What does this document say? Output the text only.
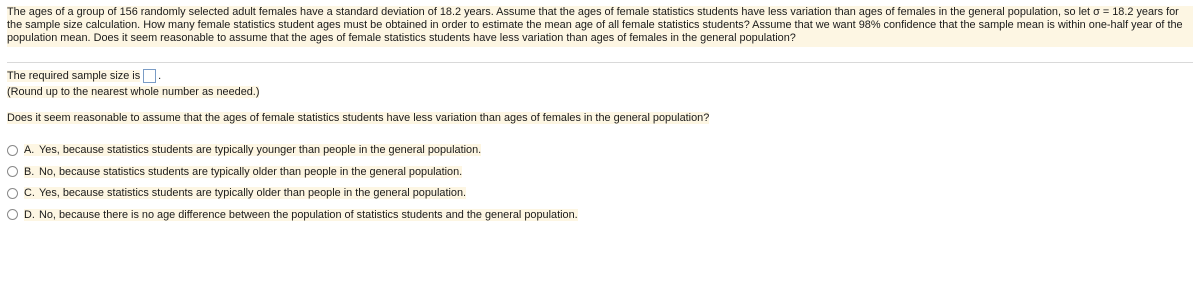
The ages of a group of 156 randomly selected adult females have a standard deviation of 18.2 years. Assume that the ages of female statistics students have less variation than ages of females in the general population, so let σ = 18.2 years for the sample size calculation. How many female statistics student ages must be obtained in order to estimate the mean age of all female statistics students? Assume that we want 98% confidence that the sample mean is within one-half year of the population mean. Does it seem reasonable to assume that the ages of female statistics students have less variation than ages of females in the general population?
The required sample size is .
(Round up to the nearest whole number as needed.)
Does it seem reasonable to assume that the ages of female statistics students have less variation than ages of females in the general population?
A. Yes, because statistics students are typically younger than people in the general population.
B. No, because statistics students are typically older than people in the general population.
C. Yes, because statistics students are typically older than people in the general population.
D. No, because there is no age difference between the population of statistics students and the general population.
